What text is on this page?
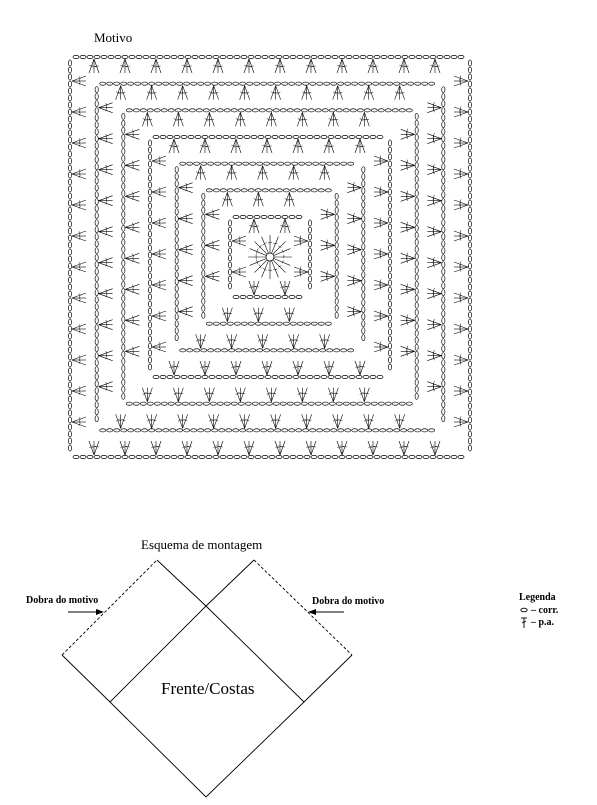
Motivo
Esquema de montagem
Dobra do motivo	Dobra do motivo
Frente/Costas
Legenda
– corr.
– p.a.
